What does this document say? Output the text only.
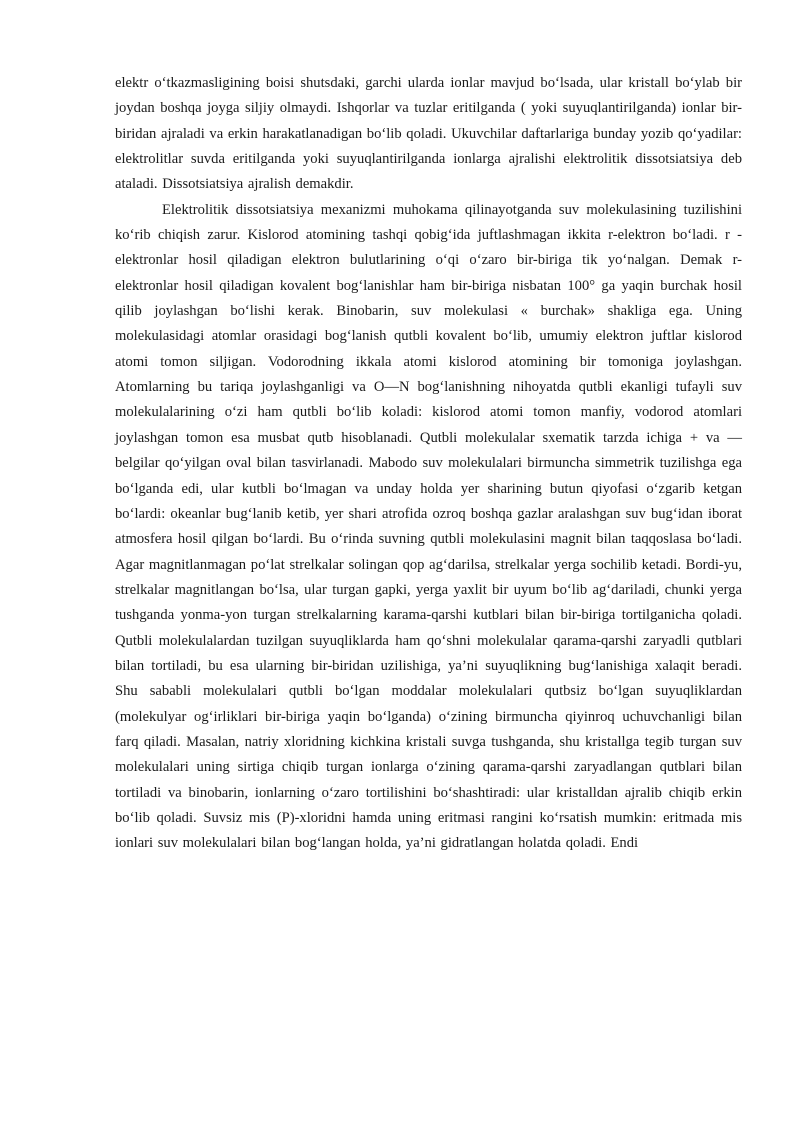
elektr o‘tkazmasligining boisi shutsdaki, garchi ularda ionlar mavjud bo‘lsada, ular kristall bo‘ylab bir joydan boshqa joyga siljiy olmaydi. Ishqorlar va tuzlar eritilganda ( yoki suyuqlantirilganda) ionlar bir-biridan ajraladi va erkin harakatlanadigan bo‘lib qoladi. Ukuvchilar daftarlariga bunday yozib qo‘yadilar: elektrolitlar suvda eritilganda yoki suyuqlantirilganda ionlarga ajralishi elektrolitik dissotsiatsiya deb ataladi. Dissotsiatsiya ajralish demakdir.

Elektrolitik dissotsiatsiya mexanizmi muhokama qilinayotganda suv molekulasining tuzilishini ko‘rib chiqish zarur. Kislorod atomining tashqi qobig‘ida juftlashmagan ikkita r-elektron bo‘ladi. r - elektronlar hosil qiladigan elektron bulutlarining o‘qi o‘zaro bir-biriga tik yo‘nalgan. Demak r-elektronlar hosil qiladigan kovalent bog‘lanishlar ham bir-biriga nisbatan 100° ga yaqin burchak hosil qilib joylashgan bo‘lishi kerak. Binobarin, suv molekulasi « burchak» shakliga ega. Uning molekulasidagi atomlar orasidagi bog‘lanish qutbli kovalent bo‘lib, umumiy elektron juftlar kislorod atomi tomon siljigan. Vodorodning ikkala atomi kislorod atomining bir tomoniga joylashgan. Atomlarning bu tariqa joylashganligi va O—N bog‘lanishning nihoyatda qutbli ekanligi tufayli suv molekulalarining o‘zi ham qutbli bo‘lib koladi: kislorod atomi tomon manfiy, vodorod atomlari joylashgan tomon esa musbat qutb hisoblanadi. Qutbli molekulalar sxematik tarzda ichiga + va — belgilar qo‘yilgan oval bilan tasvirlanadi. Mabodo suv molekulalari birmuncha simmetrik tuzilishga ega bo‘lganda edi, ular kutbli bo‘lmagan va unday holda yer sharining butun qiyofasi o‘zgarib ketgan bo‘lardi: okeanlar bug‘lanib ketib, yer shari atrofida ozroq boshqa gazlar aralashgan suv bug‘idan iborat atmosfera hosil qilgan bo‘lardi. Bu o‘rinda suvning qutbli molekulasini magnit bilan taqqoslasa bo‘ladi. Agar magnitlanmagan po‘lat strelkalar solingan qop ag‘darilsa, strelkalar yerga sochilib ketadi. Bordi-yu, strelkalar magnitlangan bo‘lsa, ular turgan gapki, yerga yaxlit bir uyum bo‘lib ag‘dariladi, chunki yerga tushganda yonma-yon turgan strelkalarning karama-qarshi kutblari bilan bir-biriga tortilganicha qoladi. Qutbli molekulalardan tuzilgan suyuqliklarda ham qo‘shni molekulalar qarama-qarshi zaryadli qutblari bilan tortiladi, bu esa ularning bir-biridan uzilishiga, ya’ni suyuqlikning bug‘lanishiga xalaqit beradi. Shu sababli molekulalari qutbli bo‘lgan moddalar molekulalari qutbsiz bo‘lgan suyuqliklardan (molekulyar og‘irliklari bir-biriga yaqin bo‘lganda) o‘zining birmuncha qiyinroq uchuvchanligi bilan farq qiladi. Masalan, natriy xloridning kichkina kristali suvga tushganda, shu kristallga tegib turgan suv molekulalari uning sirtiga chiqib turgan ionlarga o‘zining qarama-qarshi zaryadlangan qutblari bilan tortiladi va binobarin, ionlarning o‘zaro tortilishini bo‘shashtiradi: ular kristalldan ajralib chiqib erkin bo‘lib qoladi. Suvsiz mis (P)-xloridni hamda uning eritmasi rangini ko‘rsatish mumkin: eritmada mis ionlari suv molekulalari bilan bog‘langan holda, ya’ni gidratlangan holatda qoladi. Endi
